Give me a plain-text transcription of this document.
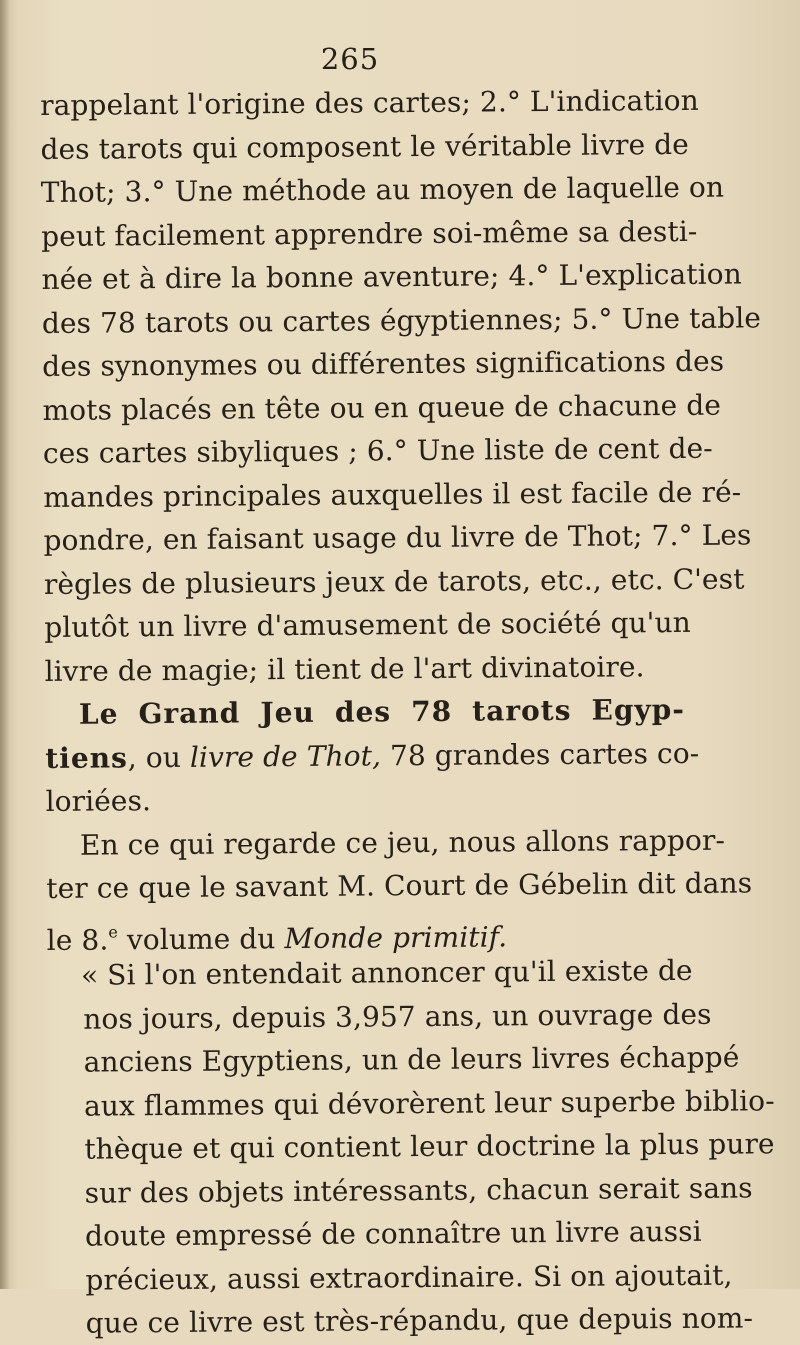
265
rappelant l'origine des cartes; 2.° L'indication
des tarots qui composent le véritable livre de
Thot; 3.° Une méthode au moyen de laquelle on
peut facilement apprendre soi-même sa desti-
née et à dire la bonne aventure; 4.° L'explication
des 78 tarots ou cartes égyptiennes; 5.° Une table
des synonymes ou différentes significations des
mots placés en tête ou en queue de chacune de
ces cartes sibyliques ; 6.° Une liste de cent de-
mandes principales auxquelles il est facile de ré-
pondre, en faisant usage du livre de Thot; 7.° Les
règles de plusieurs jeux de tarots, etc., etc. C'est
plutôt un livre d'amusement de société qu'un
livre de magie; il tient de l'art divinatoire.
Le Grand Jeu des 78 tarots Egyp-
tiens, ou livre de Thot, 78 grandes cartes co-
loriées.
En ce qui regarde ce jeu, nous allons rappor-
ter ce que le savant M. Court de Gébelin dit dans
le 8.$^e$ volume du Monde primitif.
« Si l'on entendait annoncer qu'il existe de
nos jours, depuis 3,957 ans, un ouvrage des
anciens Egyptiens, un de leurs livres échappé
aux flammes qui dévorèrent leur superbe biblio-
thèque et qui contient leur doctrine la plus pure
sur des objets intéressants, chacun serait sans
doute empressé de connaître un livre aussi
précieux, aussi extraordinaire. Si on ajoutait,
que ce livre est très-répandu, que depuis nom-
